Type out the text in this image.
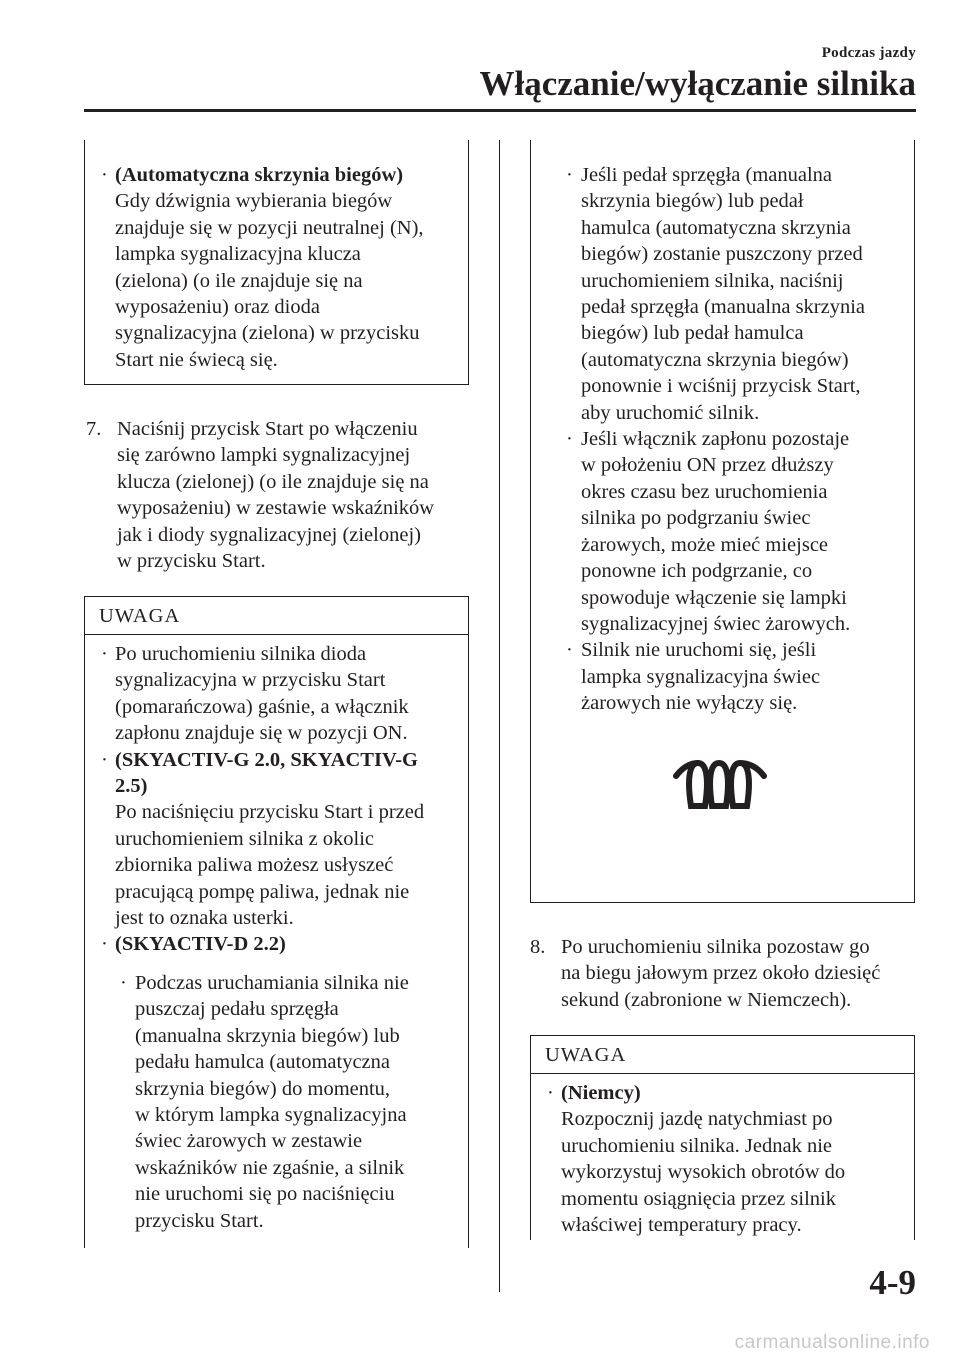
Podczas jazdy
Włączanie/wyłączanie silnika
· (Automatyczna skrzynia biegów)
Gdy dźwignia wybierania biegów
znajduje się w pozycji neutralnej (N),
lampka sygnalizacyjna klucza
(zielona) (o ile znajduje się na
wyposażeniu) oraz dioda
sygnalizacyjna (zielona) w przycisku
Start nie świecą się.
7. Naciśnij przycisk Start po włączeniu
się zarówno lampki sygnalizacyjnej
klucza (zielonej) (o ile znajduje się na
wyposażeniu) w zestawie wskaźników
jak i diody sygnalizacyjnej (zielonej)
w przycisku Start.
UWAGA
· Po uruchomieniu silnika dioda
sygnalizacyjna w przycisku Start
(pomarańczowa) gaśnie, a włącznik
zapłonu znajduje się w pozycji ON.
· (SKYACTIV-G 2.0, SKYACTIV-G
2.5)
Po naciśnięciu przycisku Start i przed
uruchomieniem silnika z okolic
zbiornika paliwa możesz usłyszeć
pracującą pompę paliwa, jednak nie
jest to oznaka usterki.
· (SKYACTIV-D 2.2)
· Podczas uruchamiania silnika nie
puszczaj pedału sprzęgła
(manualna skrzynia biegów) lub
pedału hamulca (automatyczna
skrzynia biegów) do momentu,
w którym lampka sygnalizacyjna
świec żarowych w zestawie
wskaźników nie zgaśnie, a silnik
nie uruchomi się po naciśnięciu
przycisku Start.
· Jeśli pedał sprzęgła (manualna
skrzynia biegów) lub pedał
hamulca (automatyczna skrzynia
biegów) zostanie puszczony przed
uruchomieniem silnika, naciśnij
pedał sprzęgła (manualna skrzynia
biegów) lub pedał hamulca
(automatyczna skrzynia biegów)
ponownie i wciśnij przycisk Start,
aby uruchomić silnik.
· Jeśli włącznik zapłonu pozostaje
w położeniu ON przez dłuższy
okres czasu bez uruchomienia
silnika po podgrzaniu świec
żarowych, może mieć miejsce
ponowne ich podgrzanie, co
spowoduje włączenie się lampki
sygnalizacyjnej świec żarowych.
· Silnik nie uruchomi się, jeśli
lampka sygnalizacyjna świec
żarowych nie wyłączy się.
8. Po uruchomieniu silnika pozostaw go
na biegu jałowym przez około dziesięć
sekund (zabronione w Niemczech).
UWAGA
· (Niemcy)
Rozpocznij jazdę natychmiast po
uruchomieniu silnika. Jednak nie
wykorzystuj wysokich obrotów do
momentu osiągnięcia przez silnik
właściwej temperatury pracy.
4-9
carmanualsonline.info
